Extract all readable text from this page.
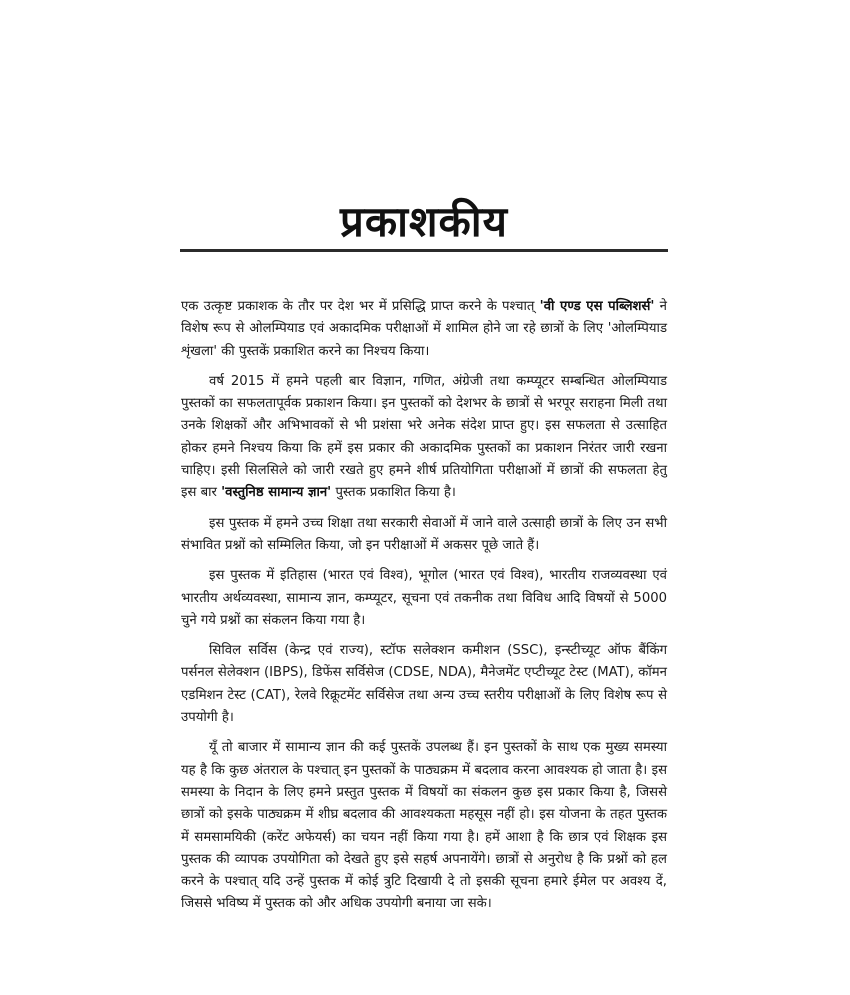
प्रकाशकीय

एक उत्कृष्ट प्रकाशक के तौर पर देश भर में प्रसिद्धि प्राप्त करने के पश्चात् 'वी एण्ड एस पब्लिशर्स' ने विशेष रूप से ओलम्पियाड एवं अकादमिक परीक्षाओं में शामिल होने जा रहे छात्रों के लिए 'ओलम्पियाड शृंखला' की पुस्तकें प्रकाशित करने का निश्चय किया।

वर्ष 2015 में हमने पहली बार विज्ञान, गणित, अंग्रेजी तथा कम्प्यूटर सम्बन्धित ओलम्पियाड पुस्तकों का सफलतापूर्वक प्रकाशन किया। इन पुस्तकों को देशभर के छात्रों से भरपूर सराहना मिली तथा उनके शिक्षकों और अभिभावकों से भी प्रशंसा भरे अनेक संदेश प्राप्त हुए। इस सफलता से उत्साहित होकर हमने निश्चय किया कि हमें इस प्रकार की अकादमिक पुस्तकों का प्रकाशन निरंतर जारी रखना चाहिए। इसी सिलसिले को जारी रखते हुए हमने शीर्ष प्रतियोगिता परीक्षाओं में छात्रों की सफलता हेतु इस बार 'वस्तुनिष्ठ सामान्य ज्ञान' पुस्तक प्रकाशित किया है।

इस पुस्तक में हमने उच्च शिक्षा तथा सरकारी सेवाओं में जाने वाले उत्साही छात्रों के लिए उन सभी संभावित प्रश्नों को सम्मिलित किया, जो इन परीक्षाओं में अकसर पूछे जाते हैं।

इस पुस्तक में इतिहास (भारत एवं विश्व), भूगोल (भारत एवं विश्व), भारतीय राजव्यवस्था एवं भारतीय अर्थव्यवस्था, सामान्य ज्ञान, कम्प्यूटर, सूचना एवं तकनीक तथा विविध आदि विषयों से 5000 चुने गये प्रश्नों का संकलन किया गया है।

सिविल सर्विस (केन्द्र एवं राज्य), स्टॉफ सलेक्शन कमीशन (SSC), इन्स्टीच्यूट ऑफ बैंकिंग पर्सनल सेलेक्शन (IBPS), डिफेंस सर्विसेज (CDSE, NDA), मैनेजमेंट एप्टीच्यूट टेस्ट (MAT), कॉमन एडमिशन टेस्ट (CAT), रेलवे रिक्रूटमेंट सर्विसेज तथा अन्य उच्च स्तरीय परीक्षाओं के लिए विशेष रूप से उपयोगी है।

यूँ तो बाजार में सामान्य ज्ञान की कई पुस्तकें उपलब्ध हैं। इन पुस्तकों के साथ एक मुख्य समस्या यह है कि कुछ अंतराल के पश्चात् इन पुस्तकों के पाठ्यक्रम में बदलाव करना आवश्यक हो जाता है। इस समस्या के निदान के लिए हमने प्रस्तुत पुस्तक में विषयों का संकलन कुछ इस प्रकार किया है, जिससे छात्रों को इसके पाठ्यक्रम में शीघ्र बदलाव की आवश्यकता महसूस नहीं हो। इस योजना के तहत पुस्तक में समसामयिकी (करेंट अफेयर्स) का चयन नहीं किया गया है। हमें आशा है कि छात्र एवं शिक्षक इस पुस्तक की व्यापक उपयोगिता को देखते हुए इसे सहर्ष अपनायेंगे। छात्रों से अनुरोध है कि प्रश्नों को हल करने के पश्चात् यदि उन्हें पुस्तक में कोई त्रुटि दिखायी दे तो इसकी सूचना हमारे ईमेल पर अवश्य दें, जिससे भविष्य में पुस्तक को और अधिक उपयोगी बनाया जा सके।
